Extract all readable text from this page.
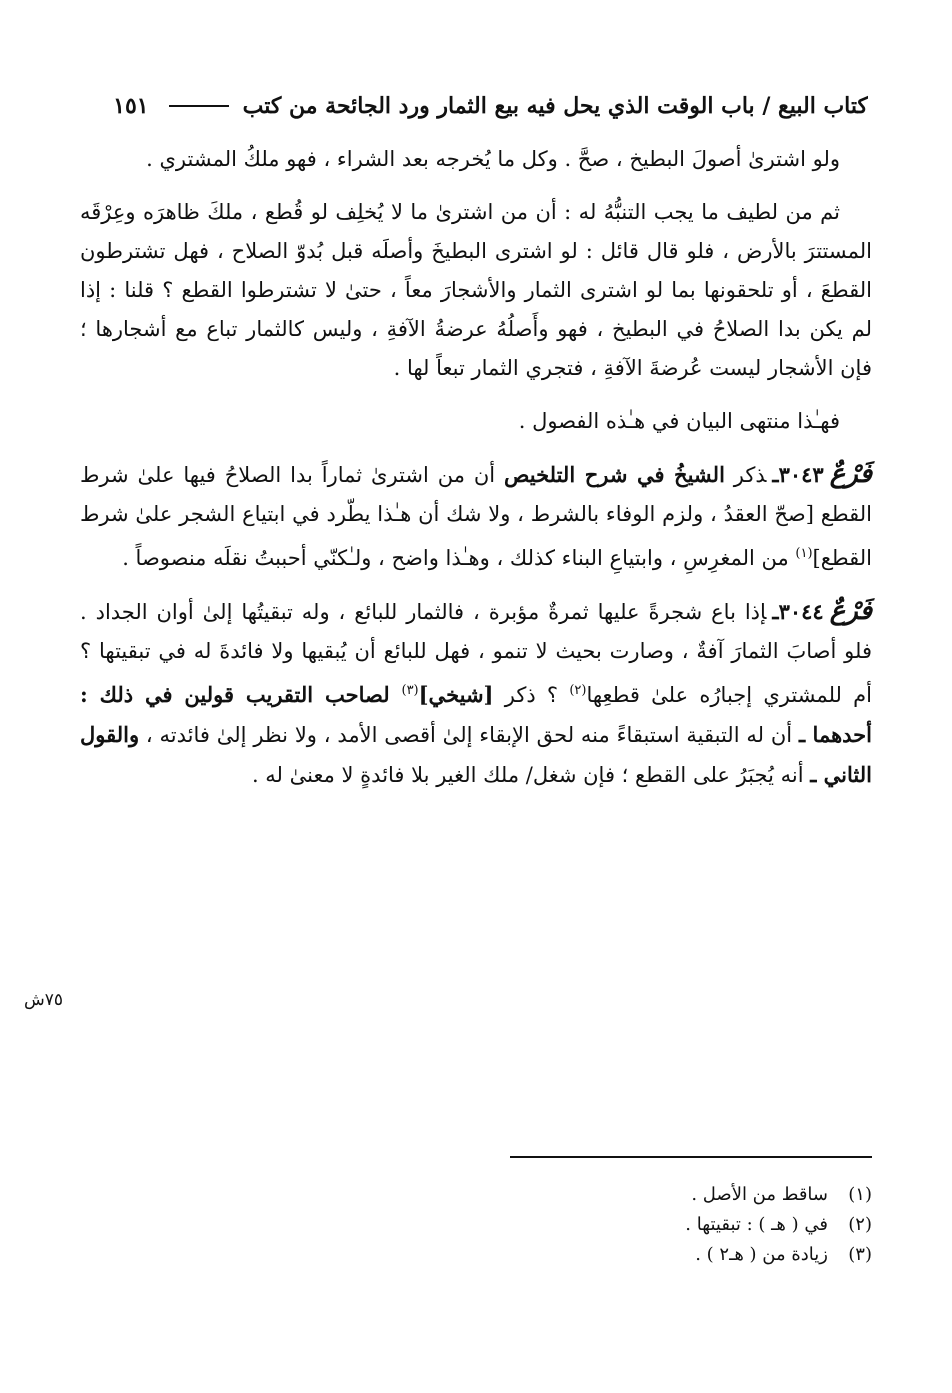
كتاب البيع / باب الوقت الذي يحل فيه بيع الثمار ورد الجائحة من كتب
١٥١

ولو اشترىٰ أصولَ البطيخ ، صحَّ . وكل ما يُخرجه بعد الشراء ، فهو ملكُ المشتري .

ثم من لطيف ما يجب التنبُّهُ له : أن من اشترىٰ ما لا يُخلِف لو قُطع ، ملكَ ظاهرَه وعِرْقَه المستترَ بالأرض ، فلو قال قائل : لو اشترى البطيخَ وأصلَه قبل بُدوّ الصلاح ، فهل تشترطون القطعَ ، أو تلحقونها بما لو اشترى الثمار والأشجارَ معاً ، حتىٰ لا تشترطوا القطع ؟ قلنا : إذا لم يكن بدا الصلاحُ في البطيخ ، فهو وأَصلُهُ عرضةُ الآفةِ ، وليس كالثمار تباع مع أشجارها ؛ فإن الأشجار ليست عُرضةَ الآفةِ ، فتجري الثمار تبعاً لها .

فهـٰذا منتهى البيان في هـٰذه الفصول .

فَرْعٌ٣٠٤٣ـذكر الشيخُ في شرح التلخيص أن من اشترىٰ ثماراً بدا الصلاحُ فيها علىٰ شرط القطع [صحّ العقدُ ، ولزم الوفاء بالشرط ، ولا شك أن هـٰذا يطّرد في ابتياع الشجر علىٰ شرط القطع]$^{(١)}$ من المغرِسِ ، وابتياعِ البناء كذلك ، وهـٰذا واضح ، ولـٰكنّي أحببتُ نقلَه منصوصاً .

فَرْعٌ٣٠٤٤ـإذا باع شجرةً عليها ثمرةٌ مؤبرة ، فالثمار للبائع ، وله تبقيتُها إلىٰ أوان الجداد . فلو أصابَ الثمارَ آفةٌ ، وصارت بحيث لا تنمو ، فهل للبائع أن يُبقيها ولا فائدةَ له في تبقيتها ؟ أم للمشتري إجبارُه علىٰ قطعِها$^{(٢)}$ ؟ ذكر [شيخي]$^{(٣)}$ لصاحب التقريب قولين في ذلك : أحدهما ـ أن له التبقية استبقاءً منه لحق الإبقاء إلىٰ أقصى الأمد ، ولا نظر إلىٰ فائدته ، والقول الثاني ـ أنه يُجبَرُ على القطع ؛ فإن شغل/ ملك الغير بلا فائدةٍ لا معنىٰ له .

٧٥ش
(١)
ساقط من الأصل .
(٢)
في ( هـ ) : تبقيتها .
(٣)
زيادة من ( هـ٢ ) .
